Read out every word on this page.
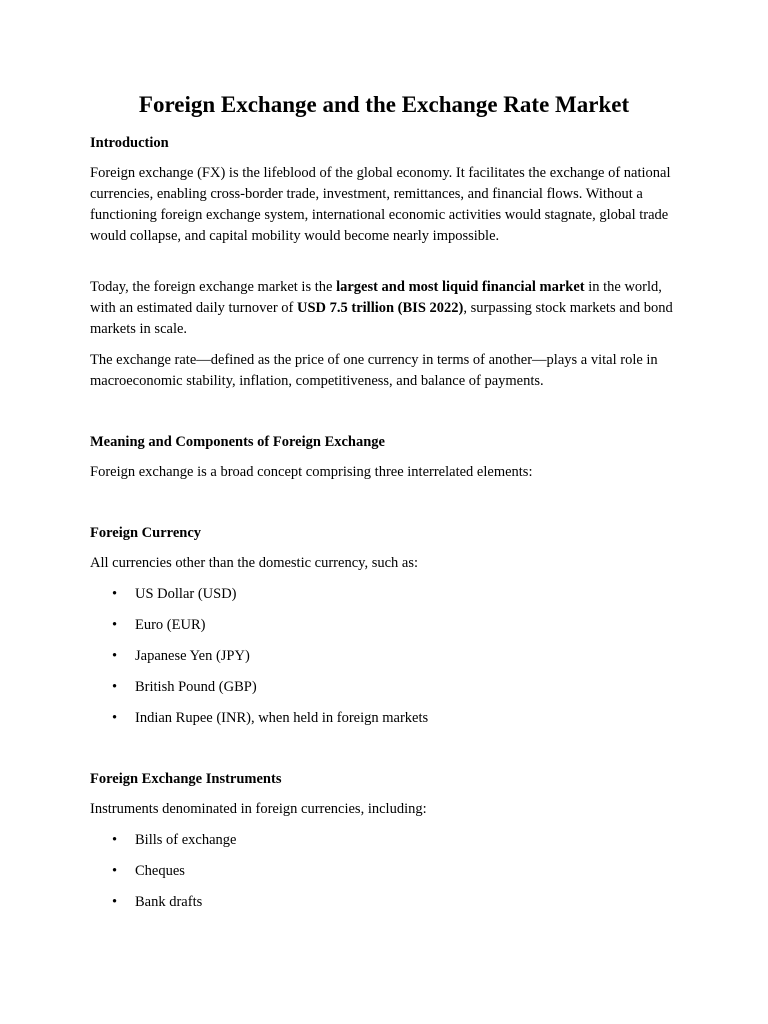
Foreign Exchange and the Exchange Rate Market
Introduction

Foreign exchange (FX) is the lifeblood of the global economy. It facilitates the exchange of national currencies, enabling cross-border trade, investment, remittances, and financial flows. Without a functioning foreign exchange system, international economic activities would stagnate, global trade would collapse, and capital mobility would become nearly impossible.

Today, the foreign exchange market is the largest and most liquid financial market in the world, with an estimated daily turnover of USD 7.5 trillion (BIS 2022), surpassing stock markets and bond markets in scale.

The exchange rate—defined as the price of one currency in terms of another—plays a vital role in macroeconomic stability, inflation, competitiveness, and balance of payments.

Meaning and Components of Foreign Exchange

Foreign exchange is a broad concept comprising three interrelated elements:

Foreign Currency

All currencies other than the domestic currency, such as:

• US Dollar (USD)
• Euro (EUR)
• Japanese Yen (JPY)
• British Pound (GBP)
• Indian Rupee (INR), when held in foreign markets
Foreign Exchange Instruments

Instruments denominated in foreign currencies, including:

• Bills of exchange
• Cheques
• Bank drafts
